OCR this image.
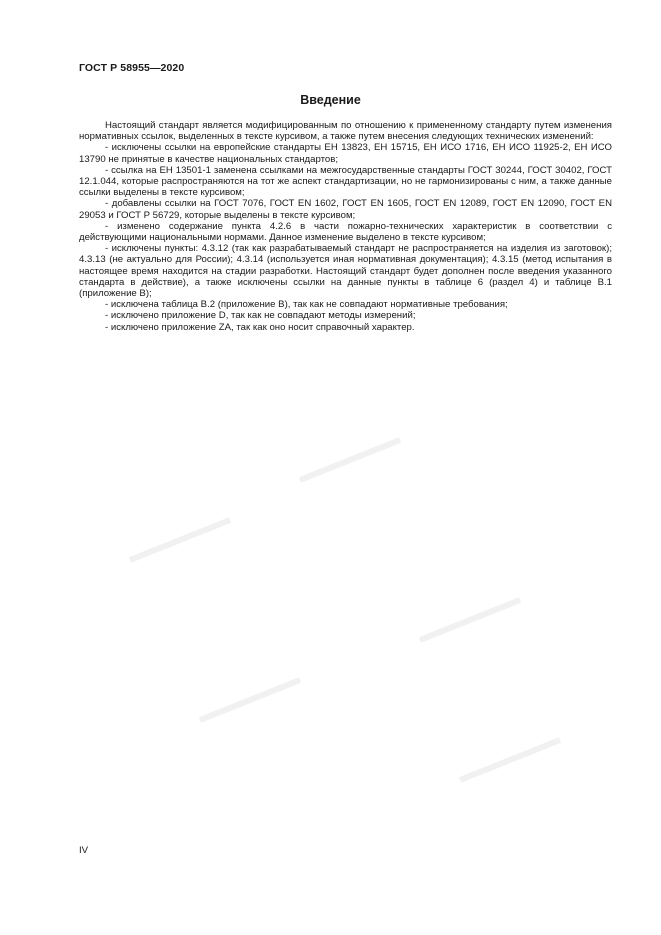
ГОСТ Р 58955—2020
Введение

Настоящий стандарт является модифицированным по отношению к примененному стандарту путем изменения нормативных ссылок, выделенных в тексте курсивом, а также путем внесения следующих технических изменений:

- исключены ссылки на европейские стандарты ЕН 13823, ЕН 15715, ЕН ИСО 1716, ЕН ИСО 11925-2, ЕН ИСО 13790 не принятые в качестве национальных стандартов;

- ссылка на ЕН 13501-1 заменена ссылками на межгосударственные стандарты ГОСТ 30244, ГОСТ 30402, ГОСТ 12.1.044, которые распространяются на тот же аспект стандартизации, но не гармонизированы с ним, а также данные ссылки выделены в тексте курсивом;

- добавлены ссылки на ГОСТ 7076, ГОСТ EN 1602, ГОСТ EN 1605, ГОСТ EN 12089, ГОСТ EN 12090, ГОСТ EN 29053 и ГОСТ Р 56729, которые выделены в тексте курсивом;

- изменено содержание пункта 4.2.6 в части пожарно-технических характеристик в соответствии с действующими национальными нормами. Данное изменение выделено в тексте курсивом;

- исключены пункты: 4.3.12 (так как разрабатываемый стандарт не распространяется на изделия из заготовок); 4.3.13 (не актуально для России); 4.3.14 (используется иная нормативная документация); 4.3.15 (метод испытания в настоящее время находится на стадии разработки. Настоящий стандарт будет дополнен после введения указанного стандарта в действие), а также исключены ссылки на данные пункты в таблице 6 (раздел 4) и таблице В.1 (приложение В);

- исключена таблица В.2 (приложение В), так как не совпадают нормативные требования;

- исключено приложение D, так как не совпадают методы измерений;

- исключено приложение ZA, так как оно носит справочный характер.

IV
